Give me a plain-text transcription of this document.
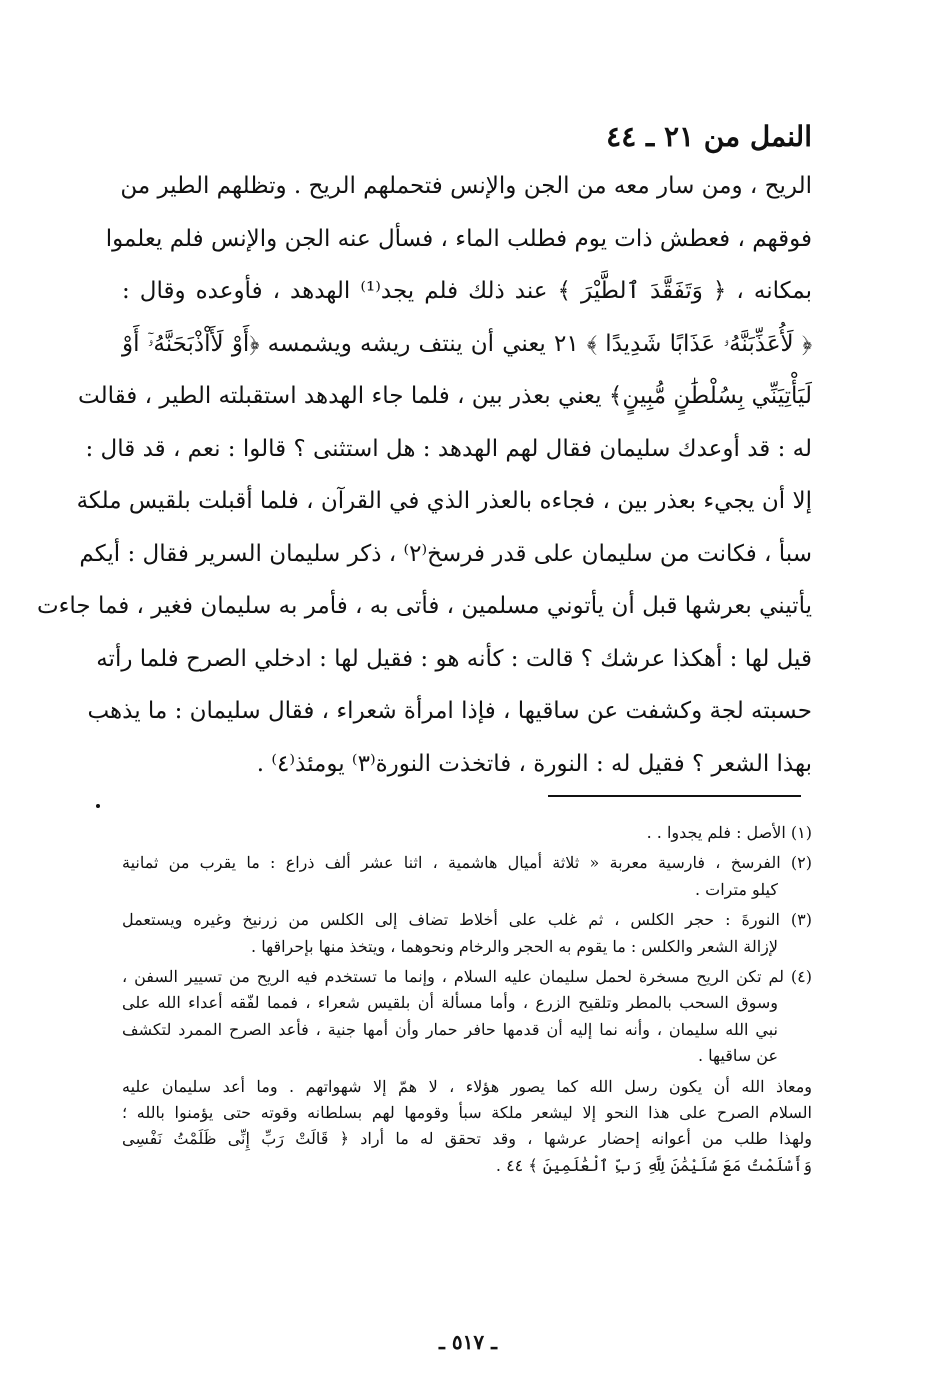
النمل من ٢١ ـ ٤٤
الريح ، ومن سار معه من الجن والإنس فتحملهم الريح . وتظلهم الطير من
فوقهم ، فعطش ذات يوم فطلب الماء ، فسأل عنه الجن والإنس فلم يعلموا
بمكانه ، ﴿ وَتَفَقَّدَ ٱلطَّيْرَ ﴾ عند ذلك فلم يجد⁽¹⁾ الهدهد ، فأوعده وقال :
﴿ لَأُعَذِّبَنَّهُۥ عَذَابًا شَدِيدًا ﴾ ٢١ يعني أن ينتف ريشه ويشمسه ﴿أَوْ لَأَاْذْبَحَنَّهُۥٓ أَوْ
لَيَأْتِيَنِّي بِسُلْطَٰنٍ مُّبِينٍ﴾ يعني بعذر بين ، فلما جاء الهدهد استقبلته الطير ، فقالت
له : قد أوعدك سليمان فقال لهم الهدهد : هل استثنى ؟ قالوا : نعم ، قد قال :
إلا أن يجيء بعذر بين ، فجاءه بالعذر الذي في القرآن ، فلما أقبلت بلقيس ملكة
سبأ ، فكانت من سليمان على قدر فرسخ⁽٢⁾ ، ذكر سليمان السرير فقال : أيكم
يأتيني بعرشها قبل أن يأتوني مسلمين ، فأتى به ، فأمر به سليمان فغير ، فما جاءت
قيل لها : أهكذا عرشك ؟ قالت : كأنه هو : فقيل لها : ادخلي الصرح فلما رأته
حسبته لجة وكشفت عن ساقيها ، فإذا امرأة شعراء ، فقال سليمان : ما يذهب
بهذا الشعر ؟ فقيل له : النورة ، فاتخذت النورة⁽٣⁾ يومئذ⁽٤⁾ .
(١) الأصل : فلم يجدوا . .
(٢) الفرسخ ، فارسية معربة « ثلاثة أميال هاشمية ، اثنا عشر ألف ذراع : ما يقرب من ثمانية
كيلو مترات .
(٣) النورةَ : حجر الكلس ، ثم غلب على أخلاط تضاف إلى الكلس من زرنيخ وغيره ويستعمل
لإزالة الشعر والكلس : ما يقوم به الحجر والرخام ونحوهما ، ويتخذ منها بإحراقها .
(٤) لم تكن الريح مسخرة لحمل سليمان عليه السلام ، وإنما ما تستخدم فيه الريح من تسيير السفن ،
وسوق السحب بالمطر وتلقيح الزرع ، وأما مسألة أن بلقيس شعراء ، فمما لفّقه أعداء الله على
نبي الله سليمان ، وأنه نما إليه أن قدمها حافر حمار وأن أمها جنية ، فأعد الصرح الممرد لتكشف
عن ساقيها .
ومعاذ الله أن يكون رسل الله كما يصور هؤلاء ، لا همّ إلا شهواتهم . وما أعد سليمان عليه
السلام الصرح على هذا النحو إلا ليشعر ملكة سبأ وقومها لهم بسلطانه وقوته حتى يؤمنوا بالله ؛
ولهذا طلب من أعوانه إحضار عرشها ، وقد تحقق له ما أراد ﴿ قَالَتْ رَبِّ إِنِّى ظَلَمْتُ نَفْسِى
وَأَسْلَمْتُ مَعَ سُلَيْمَٰنَ لِلَّهِ رَبِّ ٱلْعَٰلَمِينَ ﴾ ٤٤ .
ـ ٥١٧ ـ
